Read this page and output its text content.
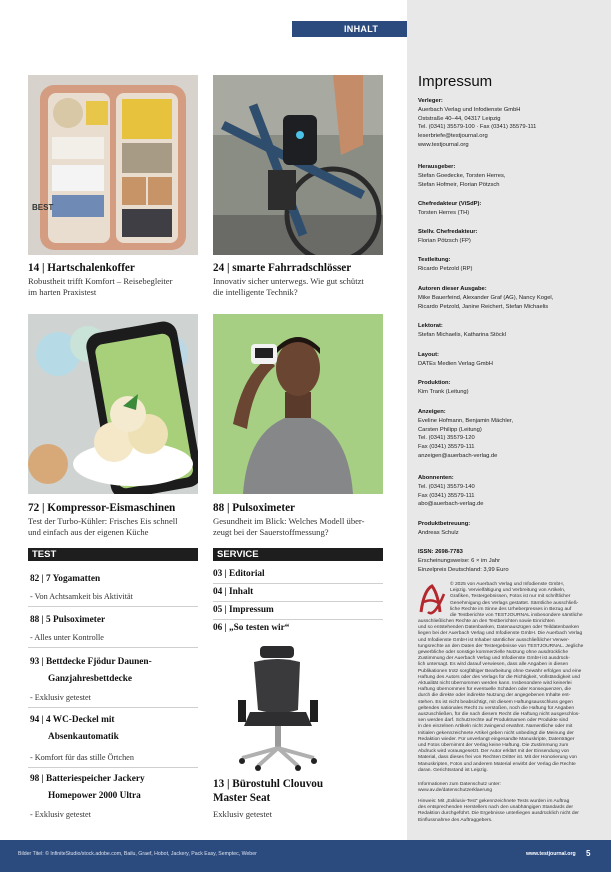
INHALT
BEST
14 | Hartschalenkoffer
Robustheit trifft Komfort – Reisebegleiter
im harten Praxistest
24 | smarte Fahrradschlösser
Innovativ sicher unterwegs. Wie gut schützt
die intelligente Technik?
72 | Kompressor-Eismaschinen
Test der Turbo-Kühler: Frisches Eis schnell
und einfach aus der eigenen Küche
88 | Pulsoximeter
Gesundheit im Blick: Welches Modell über-
zeugt bei der Sauerstoffmessung?
TEST
82 | 7 Yogamatten
- Von Achtsamkeit bis Aktivität
88 | 5 Pulsoximeter
- Alles unter Kontrolle
93 | Bettdecke Fjödur Daunen-
Ganzjahresbettdecke
- Exklusiv getestet
94 | 4 WC-Deckel mit
Absenkautomatik
- Komfort für das stille Örtchen
98 | Batteriespeicher Jackery
Homepower 2000 Ultra
- Exklusiv getestet
SERVICE
03 | Editorial
04 | Inhalt
05 | Impressum
06 | „So testen wir“
13 | Bürostuhl Clouvou
Master Seat
Exklusiv getestet
Impressum
Verleger:
Auerbach Verlag und Infodienste GmbH
Oststraße 40–44, 04317 Leipzig
Tel. (0341) 35579-100 · Fax (0341) 35579-111
leserbriefe@testjournal.org
www.testjournal.org
Herausgeber:
Stefan Goedecke, Torsten Herres,
Stefan Hofmeir, Florian Pötzsch
Chefredakteur (ViSdP):
Torsten Herres (TH)
Stellv. Chefredakteur:
Florian Pötzsch (FP)
Testleitung:
Ricardo Petzold (RP)
Autoren dieser Ausgabe:
Mike Bauerfeind, Alexander Graf (AG), Nancy Kogel,
Ricardo Petzold, Janine Reichert, Stefan Michaelis
Lektorat:
Stefan Michaelis, Katharina Stöckl
Layout:
DATEs Medien Verlag GmbH
Produktion:
Kim Trank (Leitung)
Anzeigen:
Eveline Hofmann, Benjamin Mächler,
Carsten Philipp (Leitung)
Tel. (0341) 35579-120
Fax (0341) 35579-111
anzeigen@auerbach-verlag.de
Abonnenten:
Tel. (0341) 35579-140
Fax (0341) 35579-111
abo@auerbach-verlag.de
Produktbetreuung:
Andreas Schulz
ISSN: 2698-7783
Erscheinungsweise: 6 × im Jahr
Einzelpreis Deutschland: 3,99 Euro
© 2025 von Auerbach Verlag und Infodienste GmbH,
Leipzig. Vervielfältigung und Verbreitung von Artikeln,
Grafiken, Testergebnissen, Fotos ist nur mit schriftlicher
Genehmigung des Verlags gestattet. Sämtliche ausschließ-
liche Rechte im Sinne des Urheberpresses in Bezug auf
die Testberichte von TESTJOURNAL insbesondere sämtliche
ausschließlichen Rechte an den Testberichten sowie Einrichten
und so entstehenden Datenbanken, Datenauszügen oder Teildatenbanken
liegen bei der Auerbach Verlag und Infodienste GmbH. Die Auerbach Verlag
und Infodienste GmbH ist Inhaber sämtlicher ausschließlicher Verwer-
tungsrechte an den Daten der Testergebnisse von TESTJOURNAL. Jegliche
gewerbliche oder sonstige kommerzielle Nutzung ohne ausdrückliche
Zustimmung der Auerbach Verlag und Infodienste GmbH ist ausdrück-
lich untersagt. Es wird darauf verwiesen, dass alle Angaben in diesen
Publikationen trotz sorgfältiger Bearbeitung ohne Gewähr erfolgen und eine
Haftung des Autors oder des Verlags für die Richtigkeit, Vollständigkeit und
Aktualität nicht übernommen werden kann. Insbesondere wird keinerlei
Haftung übernommen für eventuelle Schäden oder Konsequenzen, die
durch die direkte oder indirekte Nutzung der angegebenen Inhalte ent-
stehen. Es ist nicht beabsichtigt, mit diesem Haftungsausschluss gegen
geltendes nationales Recht zu verstoßen, noch die Haftung für Angaben
auszuschließen, für die nach diesem Recht die Haftung nicht ausgeschlos-
sen werden darf. Schutzrechte auf Produktnamen oder Produkte sind
in den einzelnen Artikeln nicht zwingend erwähnt. Namentliche oder mit
Initialen gekennzeichnete Artikel geben nicht unbedingt die Meinung der
Redaktion wieder. Für unverlangt eingesandte Manuskripte, Datenträger
und Fotos übernimmt der Verlag keine Haftung. Die Zustimmung zum
Abdruck wird vorausgesetzt. Der Autor erklärt mit der Einsendung von
Material, dass dieses frei von Rechten Dritter ist. Mit der Honorierung von
Manuskripten, Fotos und anderem Material erwirbt der Verlag die Rechte
daran. Gerichtsstand ist Leipzig.
Informationen zum Datenschutz unter:
www.av.de/datenschutzerklaerung
Hinweis: Mit „Exklusiv-Test“ gekennzeichnete Tests wurden im Auftrag
des entsprechenden Herstellers nach den unabhängigen Standards der
Redaktion durchgeführt. Die Ergebnisse unterliegen ausdrücklich nicht der
Einflussnahme des Auftraggebers.
Bilder Titel: © InfiniteStudio/stock.adobe.com, Bailu, Graef, Hobot, Jackery, Pack Easy, Semptec, Weber	www.testjournal.org 5
